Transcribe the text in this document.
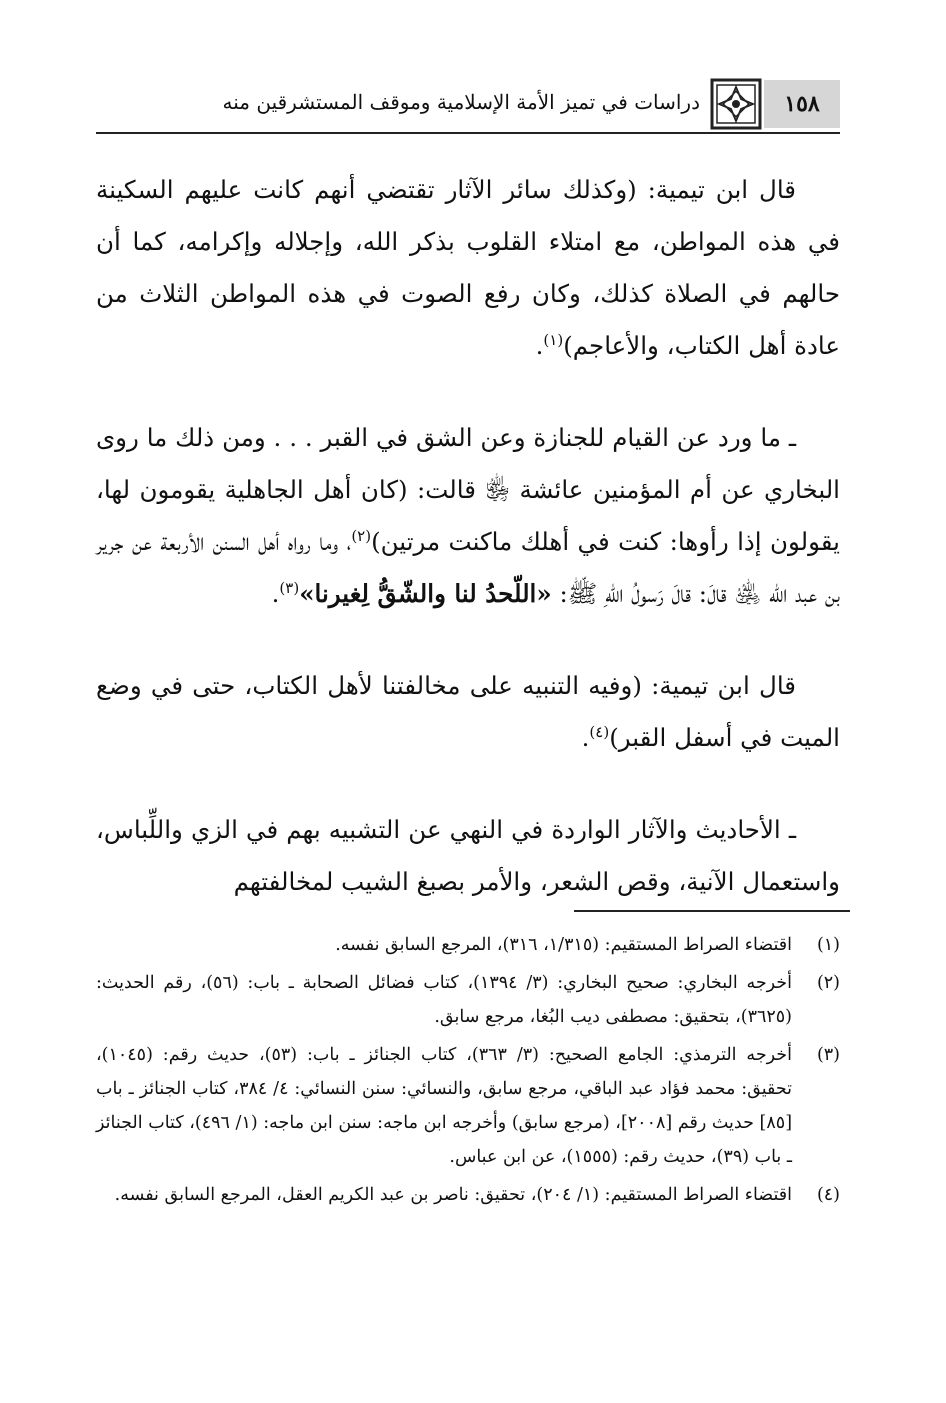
١٥٨
دراسات في تميز الأمة الإسلامية وموقف المستشرقين منه

قال ابن تيمية: (وكذلك سائر الآثار تقتضي أنهم كانت عليهم السكينة في هذه المواطن، مع امتلاء القلوب بذكر الله، وإجلاله وإكرامه، كما أن حالهم في الصلاة كذلك، وكان رفع الصوت في هذه المواطن الثلاث من عادة أهل الكتاب، والأعاجم)$^{(١)}$.

ـ ما ورد عن القيام للجنازة وعن الشق في القبر . . . ومن ذلك ما روى البخاري عن أم المؤمنين عائشة ﵂ قالت: (كان أهل الجاهلية يقومون لها، يقولون إذا رأوها: كنت في أهلك ماكنت مرتين)$^{(٢)}$، وما رواه أهل السنن الأربعة عن جرير بن عبد الله ﵁ قالَ: قالَ رَسولُ اللهِ ﷺ: «اللّحدُ لنا والشّقُّ لِغيرنا»$^{(٣)}$.

قال ابن تيمية: (وفيه التنبيه على مخالفتنا لأهل الكتاب، حتى في وضع الميت في أسفل القبر)$^{(٤)}$.

ـ الأحاديث والآثار الواردة في النهي عن التشبيه بهم في الزي واللِّباس، واستعمال الآنية، وقص الشعر، والأمر بصبغ الشيب لمخالفتهم

(١)
اقتضاء الصراط المستقيم: (١/٣١٥، ٣١٦)، المرجع السابق نفسه.
(٢)
أخرجه البخاري: صحيح البخاري: (٣/ ١٣٩٤)، كتاب فضائل الصحابة ـ باب: (٥٦)، رقم الحديث: (٣٦٢٥)، بتحقيق: مصطفى ديب البُغا، مرجع سابق.
(٣)
أخرجه الترمذي: الجامع الصحيح: (٣/ ٣٦٣)، كتاب الجنائز ـ باب: (٥٣)، حديث رقم: (١٠٤٥)، تحقيق: محمد فؤاد عبد الباقي، مرجع سابق، والنسائي: سنن النسائي: ٤/ ٣٨٤، كتاب الجنائز ـ باب [٨٥] حديث رقم [٢٠٠٨]، (مرجع سابق) وأخرجه ابن ماجه: سنن ابن ماجه: (١/ ٤٩٦)، كتاب الجنائز ـ باب (٣٩)، حديث رقم: (١٥٥٥)، عن ابن عباس.
(٤)
اقتضاء الصراط المستقيم: (١/ ٢٠٤)، تحقيق: ناصر بن عبد الكريم العقل، المرجع السابق نفسه.
